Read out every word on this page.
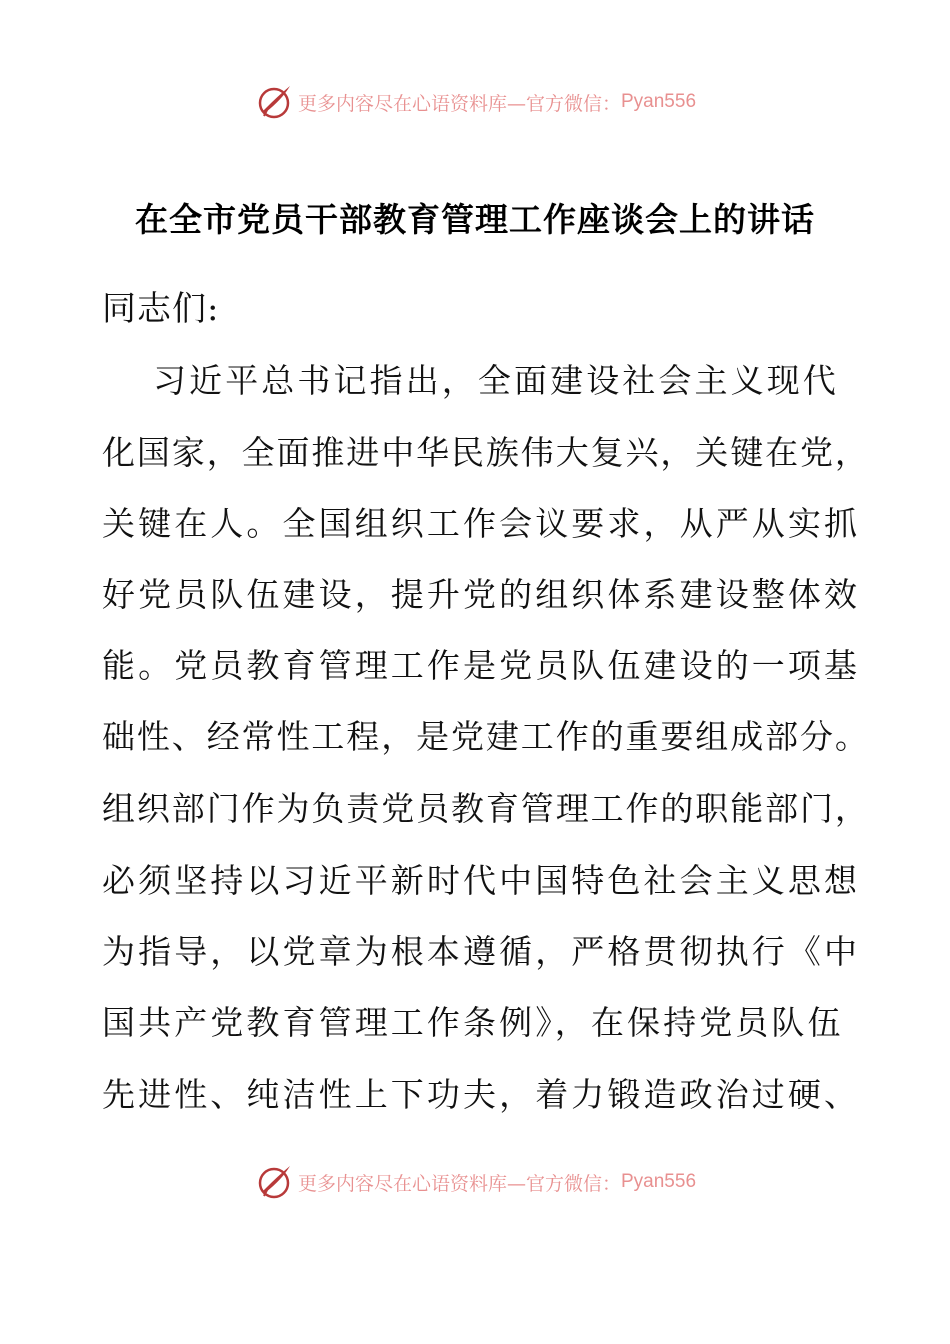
更多内容尽在心语资料库—官方微信： Pyan556
在全市党员干部教育管理工作座谈会上的讲话
同志们:
习近平总书记指出，全面建设社会主义现代
化国家，全面推进中华民族伟大复兴，关键在党，
关键在人。全国组织工作会议要求，从严从实抓
好党员队伍建设，提升党的组织体系建设整体效
能。党员教育管理工作是党员队伍建设的一项基
础性、经常性工程，是党建工作的重要组成部分。
组织部门作为负责党员教育管理工作的职能部门，
必须坚持以习近平新时代中国特色社会主义思想
为指导，以党章为根本遵循，严格贯彻执行《中
国共产党教育管理工作条例》，在保持党员队伍
先进性、纯洁性上下功夫，着力锻造政治过硬、
更多内容尽在心语资料库—官方微信： Pyan556
